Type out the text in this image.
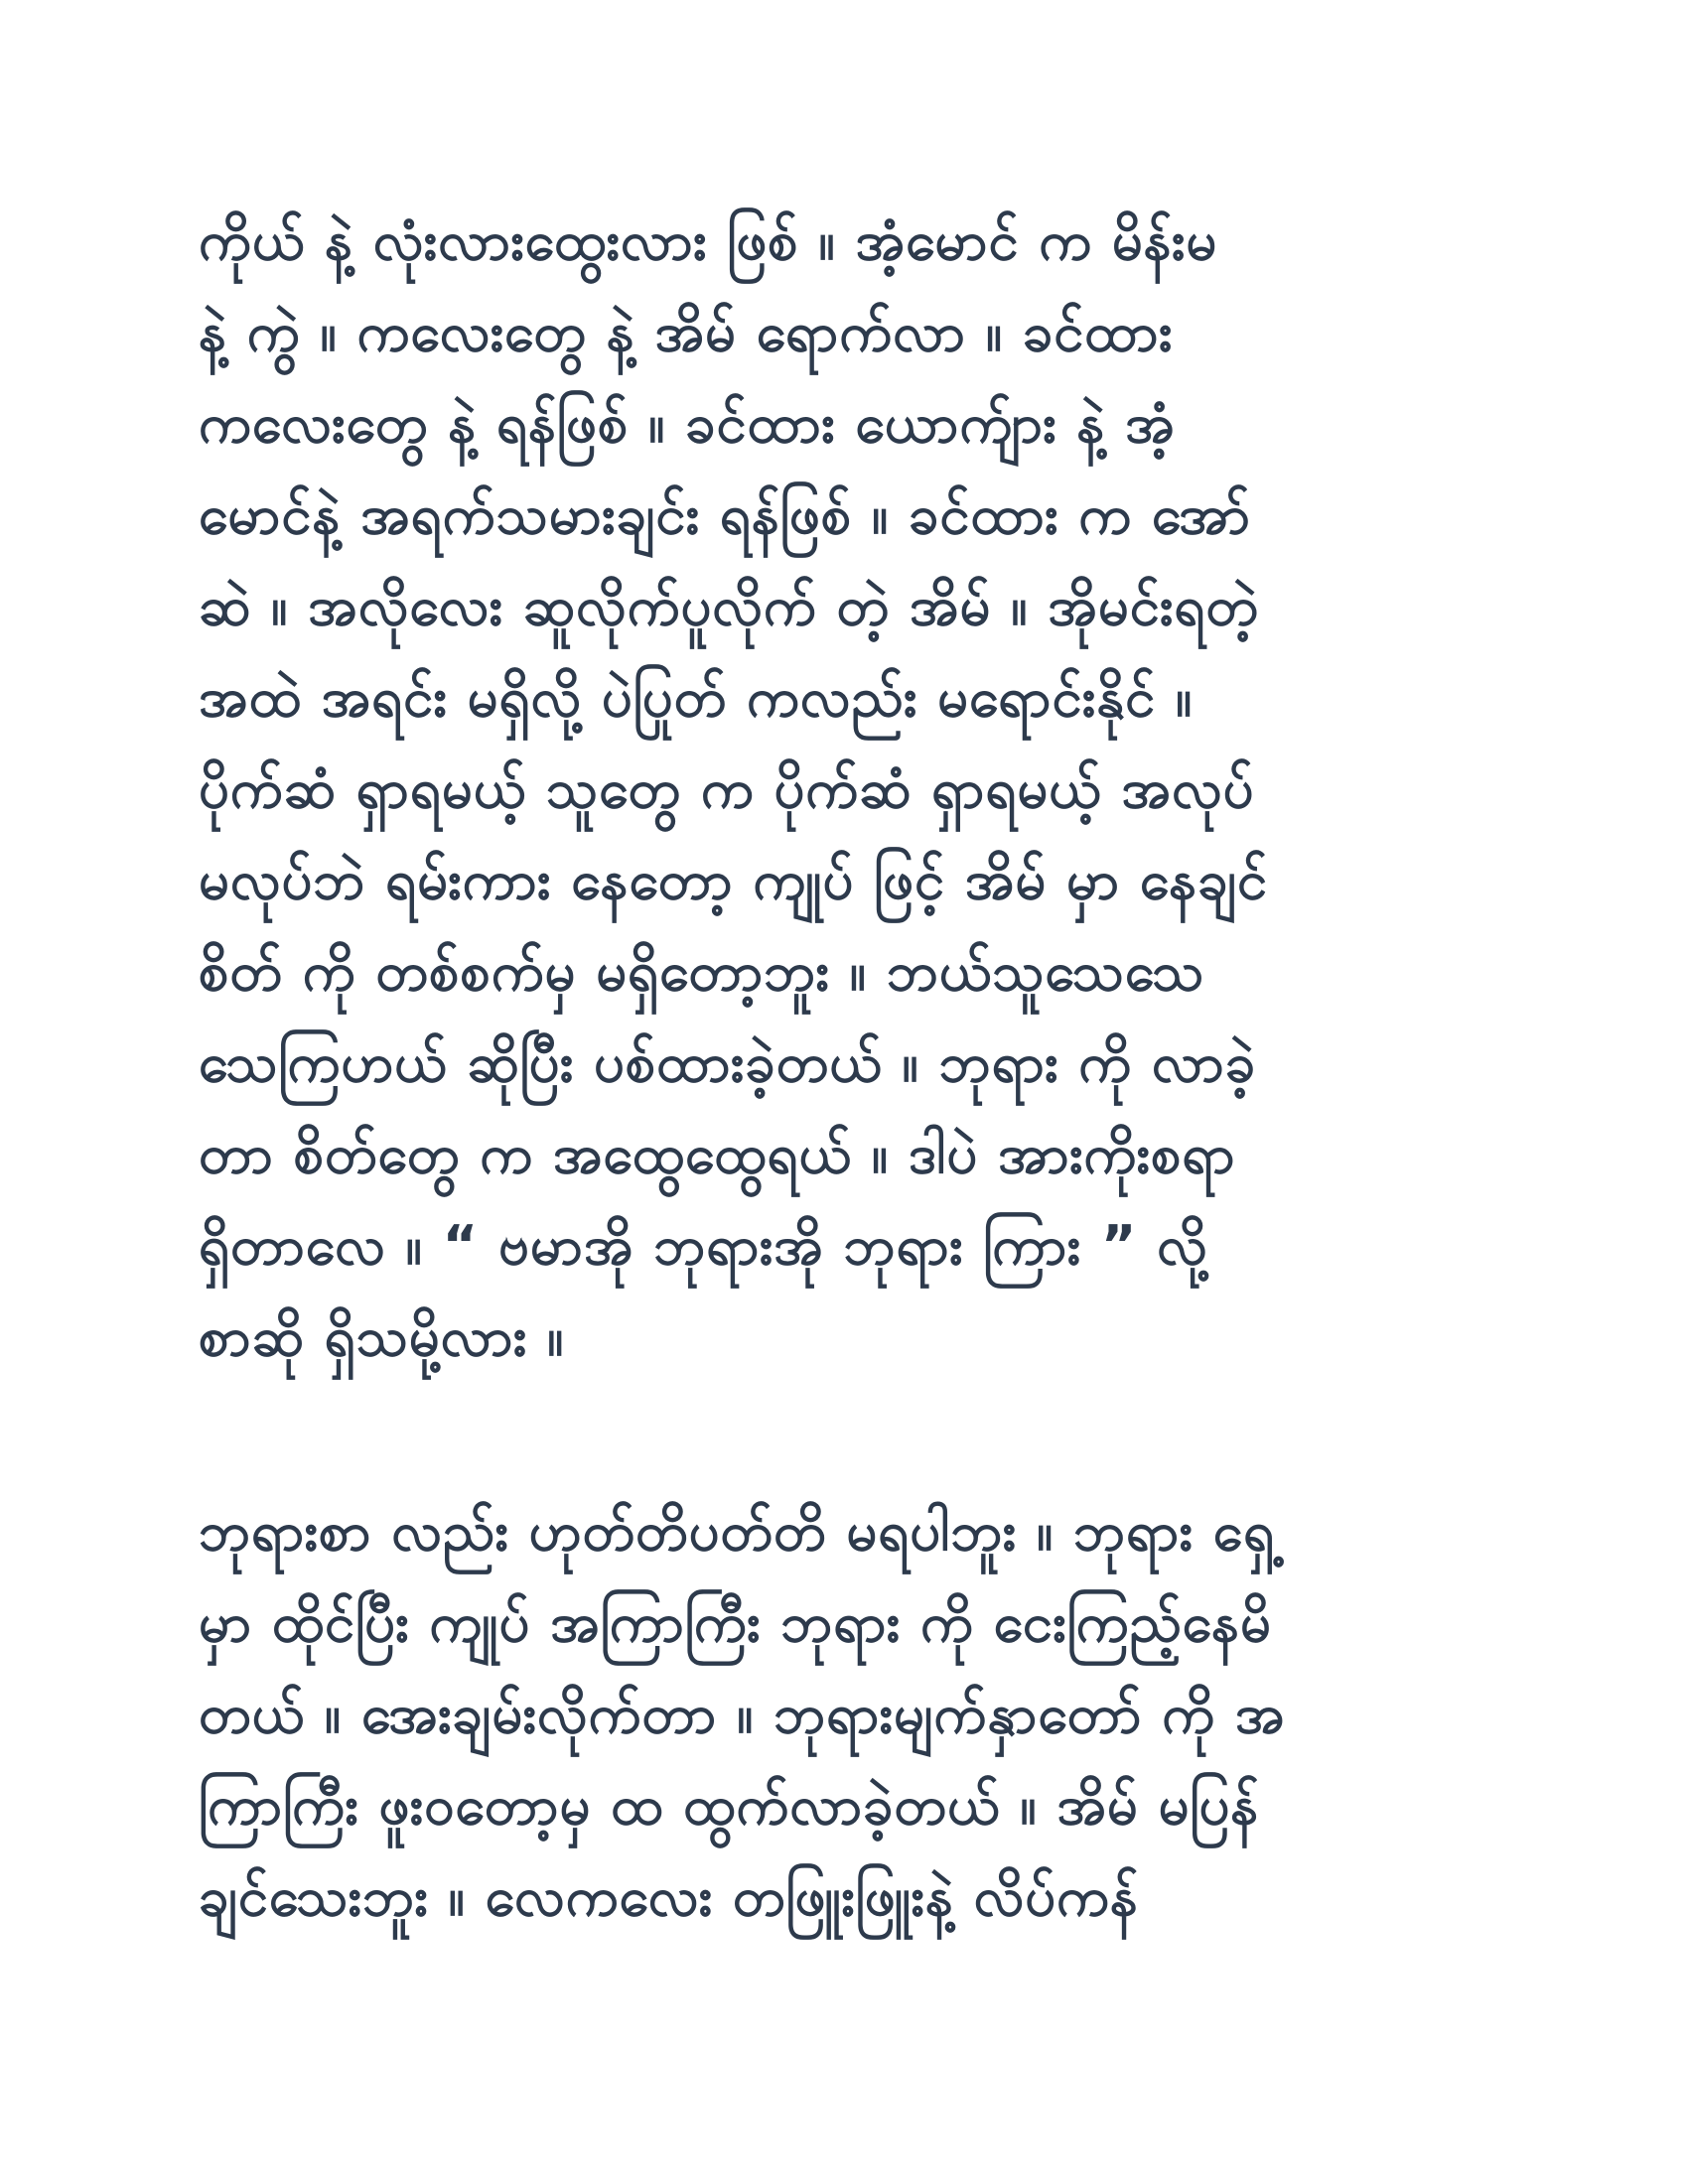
ကိုယ် နဲ့ လုံးလားထွေးလား ဖြစ် ။ အံ့မောင် က မိန်းမ
နဲ့ ကွဲ ။ ကလေးတွေ နဲ့ အိမ် ရောက်လာ ။ ခင်ထား
ကလေးတွေ နဲ့ ရန်ဖြစ် ။ ခင်ထား ယောက်ျား နဲ့ အံ့
မောင်နဲ့ အရက်သမားချင်း ရန်ဖြစ် ။ ခင်ထား က အော်
ဆဲ ။ အလိုလေး ဆူလိုက်ပူလိုက် တဲ့ အိမ် ။ အိုမင်းရတဲ့
အထဲ အရင်း မရှိလို့ ပဲပြုတ် ကလည်း မရောင်းနိုင် ။
ပိုက်ဆံ ရှာရမယ့် သူတွေ က ပိုက်ဆံ ရှာရမယ့် အလုပ်
မလုပ်ဘဲ ရမ်းကား နေတော့ ကျုပ် ဖြင့် အိမ် မှာ နေချင်
စိတ် ကို တစ်စက်မှ မရှိတော့ဘူး ။ ဘယ်သူသေသေ
သေကြဟယ် ဆိုပြီး ပစ်ထားခဲ့တယ် ။ ဘုရား ကို လာခဲ့
တာ စိတ်တွေ က အထွေထွေရယ် ။ ဒါပဲ အားကိုးစရာ
ရှိတာလေ ။ “ ဗမာအို ဘုရားအို ဘုရား ကြား ” လို့
စာဆို ရှိသမို့လား ။
ဘုရားစာ လည်း ဟုတ်တိပတ်တိ မရပါဘူး ။ ဘုရား ရှေ့
မှာ ထိုင်ပြီး ကျုပ် အကြာကြီး ဘုရား ကို ငေးကြည့်နေမိ
တယ် ။ အေးချမ်းလိုက်တာ ။ ဘုရားမျက်နှာတော် ကို အ
ကြာကြီး ဖူးဝတော့မှ ထ ထွက်လာခဲ့တယ် ။ အိမ် မပြန်
ချင်သေးဘူး ။ လေကလေး တဖြူးဖြူးနဲ့ လိပ်ကန်
